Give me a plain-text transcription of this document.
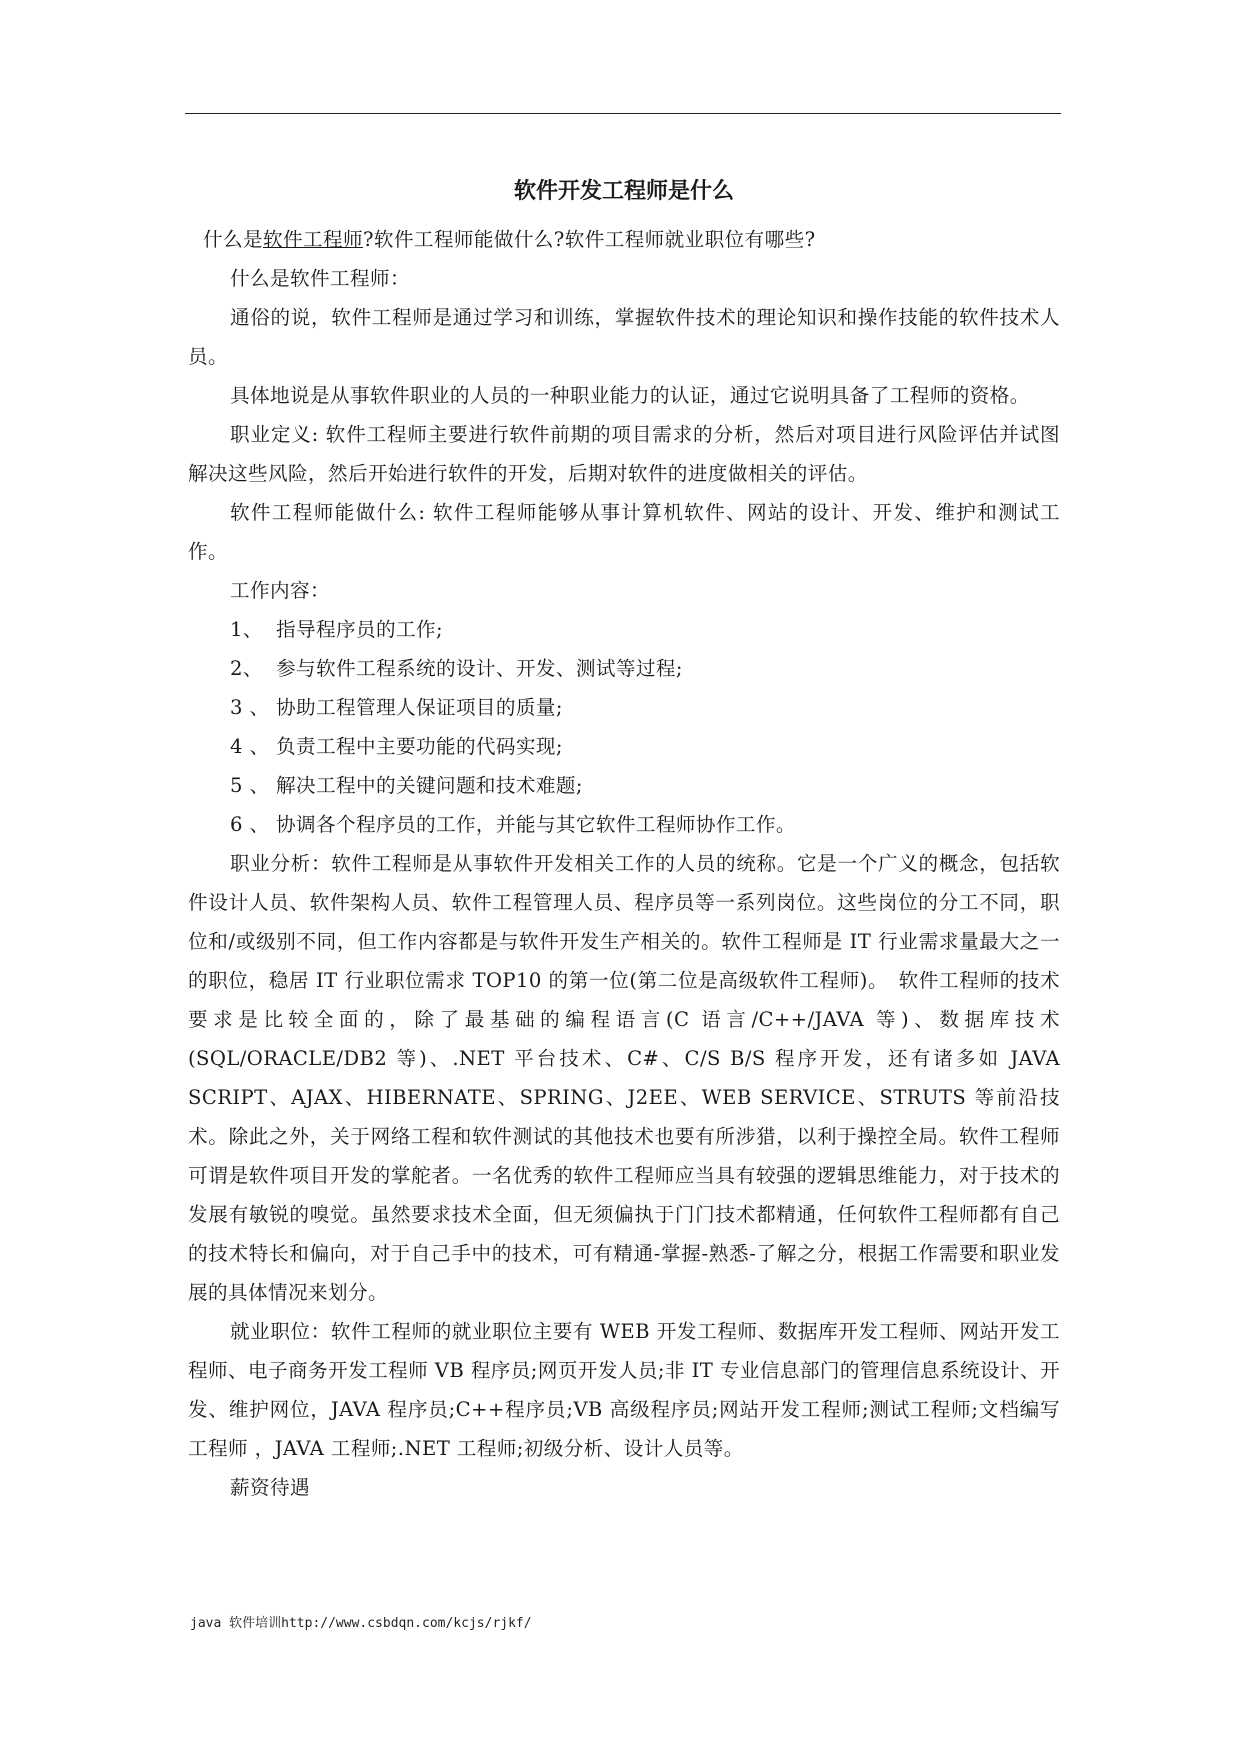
软件开发工程师是什么

什么是软件工程师?软件工程师能做什么?软件工程师就业职位有哪些?

什么是软件工程师：

通俗的说，软件工程师是通过学习和训练，掌握软件技术的理论知识和操作技能的软件技术人员。

具体地说是从事软件职业的人员的一种职业能力的认证，通过它说明具备了工程师的资格。

职业定义: 软件工程师主要进行软件前期的项目需求的分析，然后对项目进行风险评估并试图解决这些风险，然后开始进行软件的开发，后期对软件的进度做相关的评估。

软件工程师能做什么: 软件工程师能够从事计算机软件、网站的设计、开发、维护和测试工作。

工作内容：

1、 指导程序员的工作;

2、 参与软件工程系统的设计、开发、测试等过程;

3 、 协助工程管理人保证项目的质量;

4 、 负责工程中主要功能的代码实现;

5 、 解决工程中的关键问题和技术难题;

6 、 协调各个程序员的工作，并能与其它软件工程师协作工作。

职业分析：软件工程师是从事软件开发相关工作的人员的统称。它是一个广义的概念，包括软件设计人员、软件架构人员、软件工程管理人员、程序员等一系列岗位。这些岗位的分工不同，职位和/或级别不同，但工作内容都是与软件开发生产相关的。软件工程师是 IT 行业需求量最大之一的职位，稳居 IT 行业职位需求 TOP10 的第一位(第二位是高级软件工程师)。　软件工程师的技术要求是比较全面的，除了最基础的编程语言(C 语言/C++/JAVA 等)、数据库技术(SQL/ORACLE/DB2 等)、.NET 平台技术、C#、C/S B/S 程序开发，还有诸多如 JAVA SCRIPT、AJAX、HIBERNATE、SPRING、J2EE、WEB SERVICE、STRUTS 等前沿技术。除此之外，关于网络工程和软件测试的其他技术也要有所涉猎，以利于操控全局。软件工程师可谓是软件项目开发的掌舵者。一名优秀的软件工程师应当具有较强的逻辑思维能力，对于技术的发展有敏锐的嗅觉。虽然要求技术全面，但无须偏执于门门技术都精通，任何软件工程师都有自己的技术特长和偏向，对于自己手中的技术，可有精通-掌握-熟悉-了解之分，根据工作需要和职业发展的具体情况来划分。

就业职位：软件工程师的就业职位主要有 WEB 开发工程师、数据库开发工程师、网站开发工程师、电子商务开发工程师 VB 程序员;网页开发人员;非 IT 专业信息部门的管理信息系统设计、开发、维护网位，JAVA 程序员;C++程序员;VB 高级程序员;网站开发工程师;测试工程师;文档编写工程师 ，JAVA 工程师;.NET 工程师;初级分析、设计人员等。

薪资待遇

java 软件培训http://www.csbdqn.com/kcjs/rjkf/
